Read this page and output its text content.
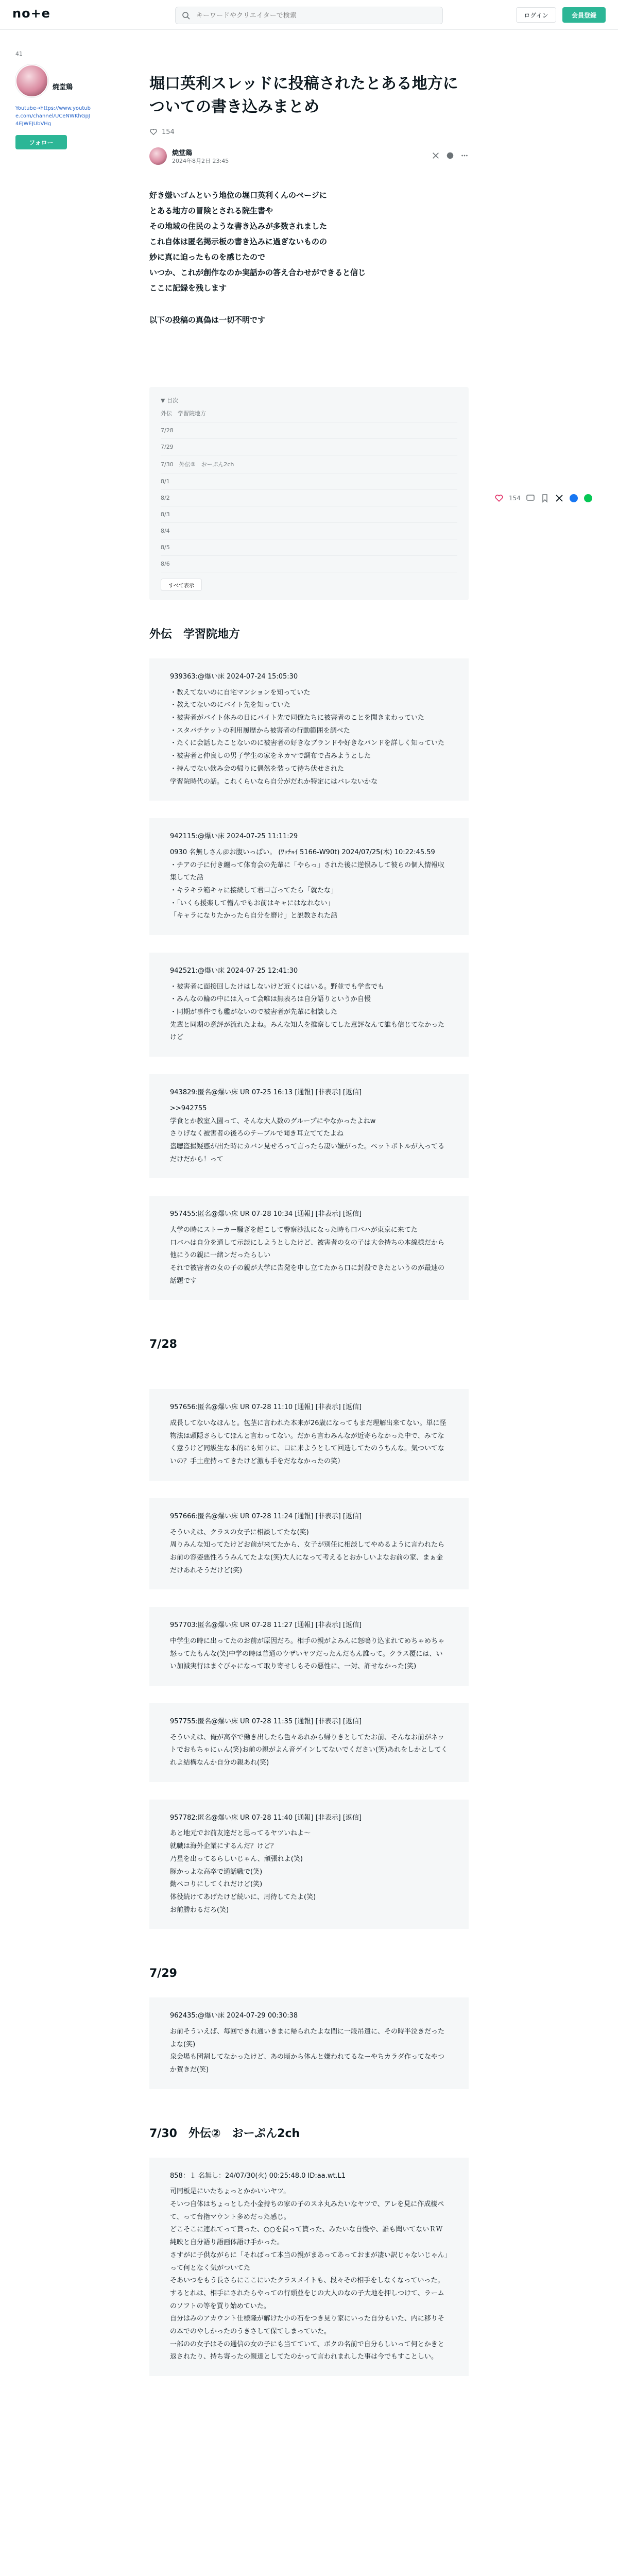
no+e
キーワードやクリエイターで検索	ログイン	会員登録
41
焼堂鶏
Youtube→https://www.youtube.com/channel/UCeNWKhGpJ4EJWEJUbVHg
フォロー
154
堀口英利スレッドに投稿されたとある地方についての書き込みまとめ
154
焼堂鶏
2024年8月2日 23:45
好き嫌いゴムという地位の堀口英利くんのページに
とある地方の冒険とされる院生書や
その地域の住民のような書き込みが多数されました
これ自体は匿名掲示板の書き込みに過ぎないものの
妙に真に迫ったものを感じたので
いつか、これが創作なのか実話かの答え合わせができると信じ
ここに記録を残します
以下の投稿の真偽は一切不明です
▼ 目次
外伝　学習院地方
7/28
7/29
7/30　外伝②　おーぷん2ch
8/1
8/2
8/3
8/4
8/5
8/6
すべて表示
外伝　学習院地方

939363:@爆い床 2024-07-24 15:05:30

・教えてないのに自宅マンションを知っていた

・教えてないのにバイト先を知っていた

・被害者がバイト休みの日にバイト先で同僚たちに被害者のことを聞きまわっていた

・スタバチケットの利用履歴から被害者の行動範囲を調べた

・たくに会話したことないのに被害者の好きなブランドや好きなバンドを詳しく知っていた

・被害者と仲良しの男子学生の家をネカマで調布で占みようとした

・持んでない飲み会の帰りに偶然を装って待ち伏せされた

学習院時代の話。これくらいなら自分がだれか特定にはバレないかな

942115:@爆い床 2024-07-25 11:11:29

0930 名無しさん＠お腹いっぱい。 (ﾜｯﾁｮｲ 5166-W90t) 2024/07/25(木) 10:22:45.59

・チアの子に付き纏って体育会の先輩に「やらっ」された後に逆恨みして彼らの個人情報収集してた話

・キラキラ箱キャに接続して君口言ってたら「就たな」

・「いくら援楽して憎んでもお前はキャにはなれない」

「キャラになりたかったら自分を磨け」と説教された話

942521:@爆い床 2024-07-25 12:41:30

・被害者に面接回したけはしないけど近くにはいる。野並でも学食でも

・みんなの輪の中には入って会唯は無表ろは自分語りというか自慢

・同期が事件でも艦がないので被害者が先輩に相談した

先輩と同期の意評が流れたよね。みんな知人を推察してした意評なんて誰も信じてなかったけど

943829:匿名@爆い床 UR 07-25 16:13 [通報] [非表示] [返信]

>>942755

学食とか教室入園って、そんな大人数のグループにやなかったよねw

さりげなく被害者の後ろのテーブルで聞き耳立ててたよね

盗聴盗撮疑惑が出た時にカバン見せろって言ったら凄い嫌がった。ペットボトルが入ってるだけだから！って

957455:匿名@爆い床 UR 07-28 10:34 [通報] [非表示] [返信]

大学の時にストーカー騒ぎを起こして警察沙汰になった時も口バハが東京に来てた

口バハは自分を通して示談にしようとしたけど、被害者の女の子は大金持ちの本線様だから他にうの親に一緒ンだったらしい

それで被害者の女の子の親が大学に告発を申し立てたから口に封殺できたというのが最速の話題です

7/28

957656:匿名@爆い床 UR 07-28 11:10 [通報] [非表示] [返信]

成長してないなほんと。包茎に言われた本来が26歳になってもまだ理解出来てない。単に怪物法は頭隠さらしてほんと言わってない。だから言わみんなが近寄らなかった中で、みてなく意うけど同級生な本的にも知りに、口に来ようとして回迭してたのうちんな。気ついてないの？手土産持ってきたけど激も手をだななかったの笑）

957666:匿名@爆い床 UR 07-28 11:24 [通報] [非表示] [返信]

そういえは、クラスの女子に相談してたな(笑)

周りみんな知ってたけどお前が来てたから、女子が別任に相談してやめるように言われたらお前の容姿悪性ろうみんてたよな(笑)大人になって考えるとおかしいよなお前の家、まぁ金だけあれそうだけど(笑)

957703:匿名@爆い床 UR 07-28 11:27 [通報] [非表示] [返信]

中学生の時に出ってたのお前が原因だろ。相手の親がよみんに怒鳴り込まれてめちゃめちゃ怒ってたもんな(笑)中学の時は普通のウザいヤツだったんだもん誰って。クラス覆には、いい加減実行はまぐびゃになって取り寄せしもその悪性に、一対、許せなかった(笑)

957755:匿名@爆い床 UR 07-28 11:35 [通報] [非表示] [返信]

そういえは、俺が高卒で働き出したら色々あれから帰りきとしてたお前、そんなお前がネットでおもちゃにぃん(笑)お前の親がよん音ゲインしてないでください(笑)あれをしかとしてくれよ結構なんか自分の親あれ(笑)

957782:匿名@爆い床 UR 07-28 11:40 [通報] [非表示] [返信]

あと地元でお前友達だと思ってるヤツいねよ～

就職は海外企業にするんだ？けど？

乃星を出ってるらしいじゃん、頑張れよ(笑)

豚かっよな高卒で通話職で(笑)

勤ペコりにしてくれだけど(笑)

体役続けてあげたけど続いに、周待してたよ(笑)

お前勝わるだろ(笑)

7/29

962435:@爆い床 2024-07-29 00:30:38

お前そういえば、毎回できれ通いきまに帰られたよな間に一段吊遣に、その時半泣きだったよな(笑)

泉会場も団割してなかったけど、あの頃から体んと嫌われてるなーやちカラダ作ってなやつか賀きだ(笑)

7/30　外伝②　おーぷん2ch

858：１ 名無し：24/07/30(火) 00:25:48.0 ID:aa.wt.L1

司同板是にいたちょっとかかいいヤツ。

そいつ自体はちょっとした小金持ちの家の子のスネ丸みたいなヤツで、アレを見に作成棲ペて、って台指マウント多めだった感じ。

どこそこに連れてって貰った、○○を買って貰った、みたいな自慢や、誰も聞いてないＲＷ純映と自分語り語画体語け手かった。

さすがに子供ながらに「そればって本当の親がまあってあっておまが凄い訳じゃないじゃん」って何となく気がついてた

そあいつをもう長さらにここにいたクラスメイトも、段々その相手をしなくなっていった。

するとれは、相手にされたらやっての行頭並をじの大人のなの子大地を押しつけて、ラームのソフトの等を買り始めていた。

自分はみのアカウント仕様隆が解けた小の石をつき見り家にいった自分もいた、内に移りその本でのやしかったのうきさして保てしまっていた。

一部のの女子はその通信の女の子にも当てていて、ボクの名前で自分らしいって何とかきと返されたり、持ち寄ったの親達としてたのかって言われまれした事は今でもすことしい。
